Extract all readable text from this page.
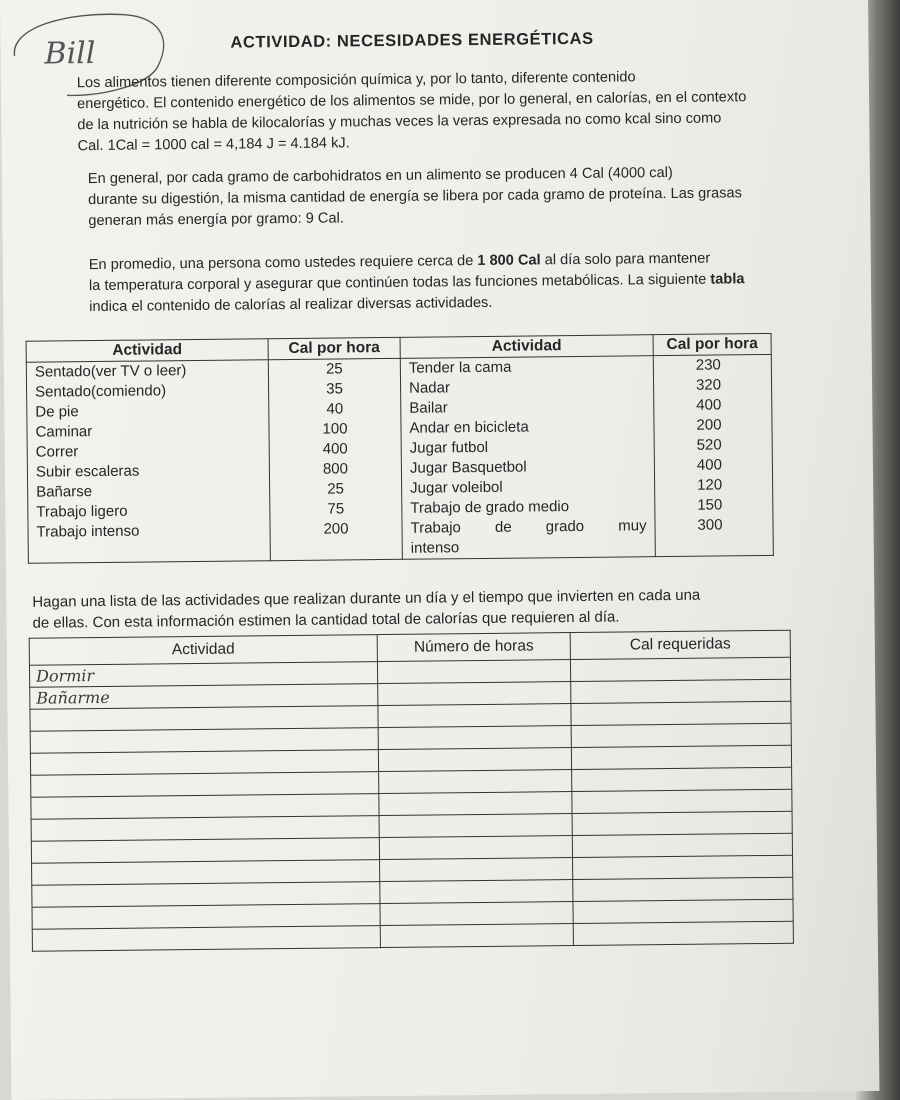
Bill	ACTIVIDAD: NECESIDADES ENERGÉTICAS

Los alimentos tienen diferente composición química y, por lo tanto, diferente contenido
energético. El contenido energético de los alimentos se mide, por lo general, en calorías, en el contexto
de la nutrición se habla de kilocalorías y muchas veces la veras expresada no como kcal sino como
Cal. 1Cal = 1000 cal = 4,184 J = 4.184 kJ.

En general, por cada gramo de carbohidratos en un alimento se producen 4 Cal (4000 cal)
durante su digestión, la misma cantidad de energía se libera por cada gramo de proteína. Las grasas
generan más energía por gramo: 9 Cal.

En promedio, una persona como ustedes requiere cerca de 1 800 Cal al día solo para mantener
la temperatura corporal y asegurar que continúen todas las funciones metabólicas. La siguiente tabla
indica el contenido de calorías al realizar diversas actividades.

Actividad	Cal por hora	Actividad	Cal por hora
Sentado(ver TV o leer)	25	Tender la cama	230
Sentado(comiendo)	35	Nadar	320
De pie	40	Bailar	400
Caminar	100	Andar en bicicleta	200
Correr	400	Jugar futbol	520
Subir escaleras	800	Jugar Basquetbol	400
Bañarse	25	Jugar voleibol	120
Trabajo ligero	75	Trabajo de grado medio	150
Trabajo intenso	200	Trabajo de grado muy
intenso	300

Hagan una lista de las actividades que realizan durante un día y el tiempo que invierten en cada una
de ellas. Con esta información estimen la cantidad total de calorías que requieren al día.

Actividad	Número de horas	Cal requeridas
Dormir		
Bañarme		
